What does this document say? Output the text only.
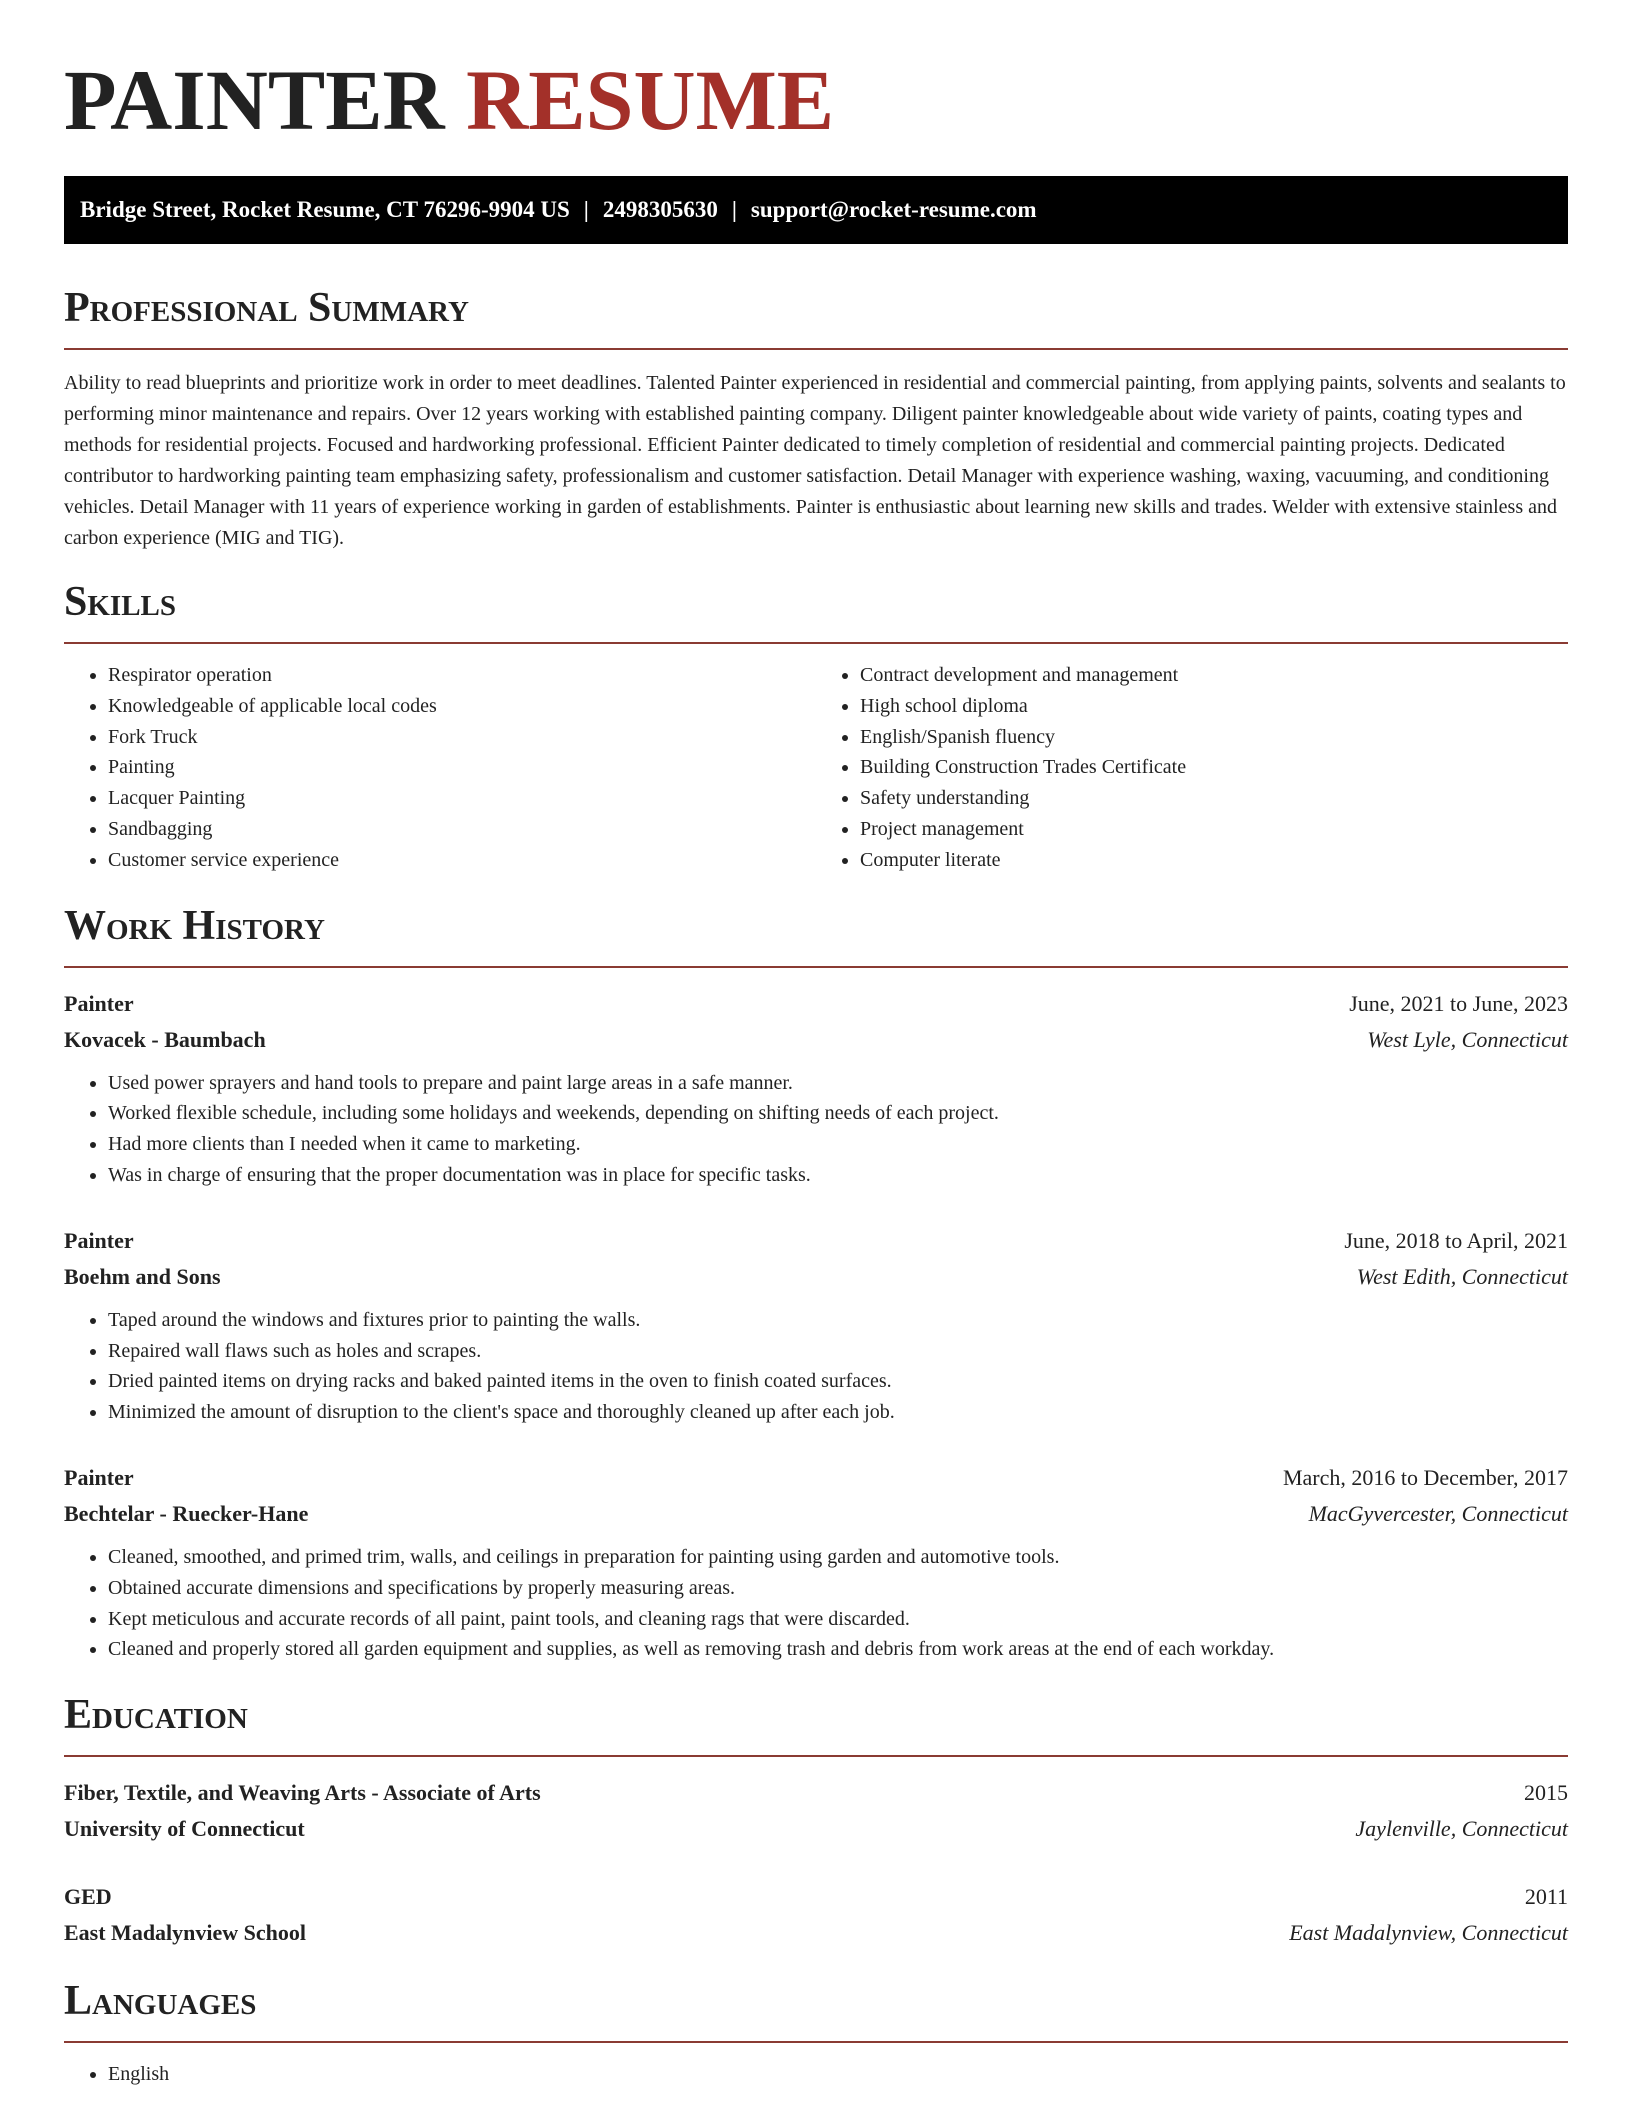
PAINTER RESUME
Bridge Street, Rocket Resume, CT 76296-9904 US | 2498305630 | support@rocket-resume.com
Professional Summary

Ability to read blueprints and prioritize work in order to meet deadlines. Talented Painter experienced in residential and commercial painting, from applying paints, solvents and sealants to performing minor maintenance and repairs. Over 12 years working with established painting company. Diligent painter knowledgeable about wide variety of paints, coating types and methods for residential projects. Focused and hardworking professional. Efficient Painter dedicated to timely completion of residential and commercial painting projects. Dedicated contributor to hardworking painting team emphasizing safety, professionalism and customer satisfaction. Detail Manager with experience washing, waxing, vacuuming, and conditioning vehicles. Detail Manager with 11 years of experience working in garden of establishments. Painter is enthusiastic about learning new skills and trades. Welder with extensive stainless and carbon experience (MIG and TIG).

Skills
• Respirator operation
• Knowledgeable of applicable local codes
• Fork Truck
• Painting
• Lacquer Painting
• Sandbagging
• Customer service experience
• Contract development and management
• High school diploma
• English/Spanish fluency
• Building Construction Trades Certificate
• Safety understanding
• Project management
• Computer literate
Work History
Painter	June, 2021 to June, 2023
Kovacek - Baumbach	West Lyle, Connecticut
• Used power sprayers and hand tools to prepare and paint large areas in a safe manner.
• Worked flexible schedule, including some holidays and weekends, depending on shifting needs of each project.
• Had more clients than I needed when it came to marketing.
• Was in charge of ensuring that the proper documentation was in place for specific tasks.
Painter	June, 2018 to April, 2021
Boehm and Sons	West Edith, Connecticut
• Taped around the windows and fixtures prior to painting the walls.
• Repaired wall flaws such as holes and scrapes.
• Dried painted items on drying racks and baked painted items in the oven to finish coated surfaces.
• Minimized the amount of disruption to the client's space and thoroughly cleaned up after each job.
Painter	March, 2016 to December, 2017
Bechtelar - Ruecker-Hane	MacGyvercester, Connecticut
• Cleaned, smoothed, and primed trim, walls, and ceilings in preparation for painting using garden and automotive tools.
• Obtained accurate dimensions and specifications by properly measuring areas.
• Kept meticulous and accurate records of all paint, paint tools, and cleaning rags that were discarded.
• Cleaned and properly stored all garden equipment and supplies, as well as removing trash and debris from work areas at the end of each workday.
Education
Fiber, Textile, and Weaving Arts - Associate of Arts	2015
University of Connecticut	Jaylenville, Connecticut
GED	2011
East Madalynview School	East Madalynview, Connecticut
Languages
• English
